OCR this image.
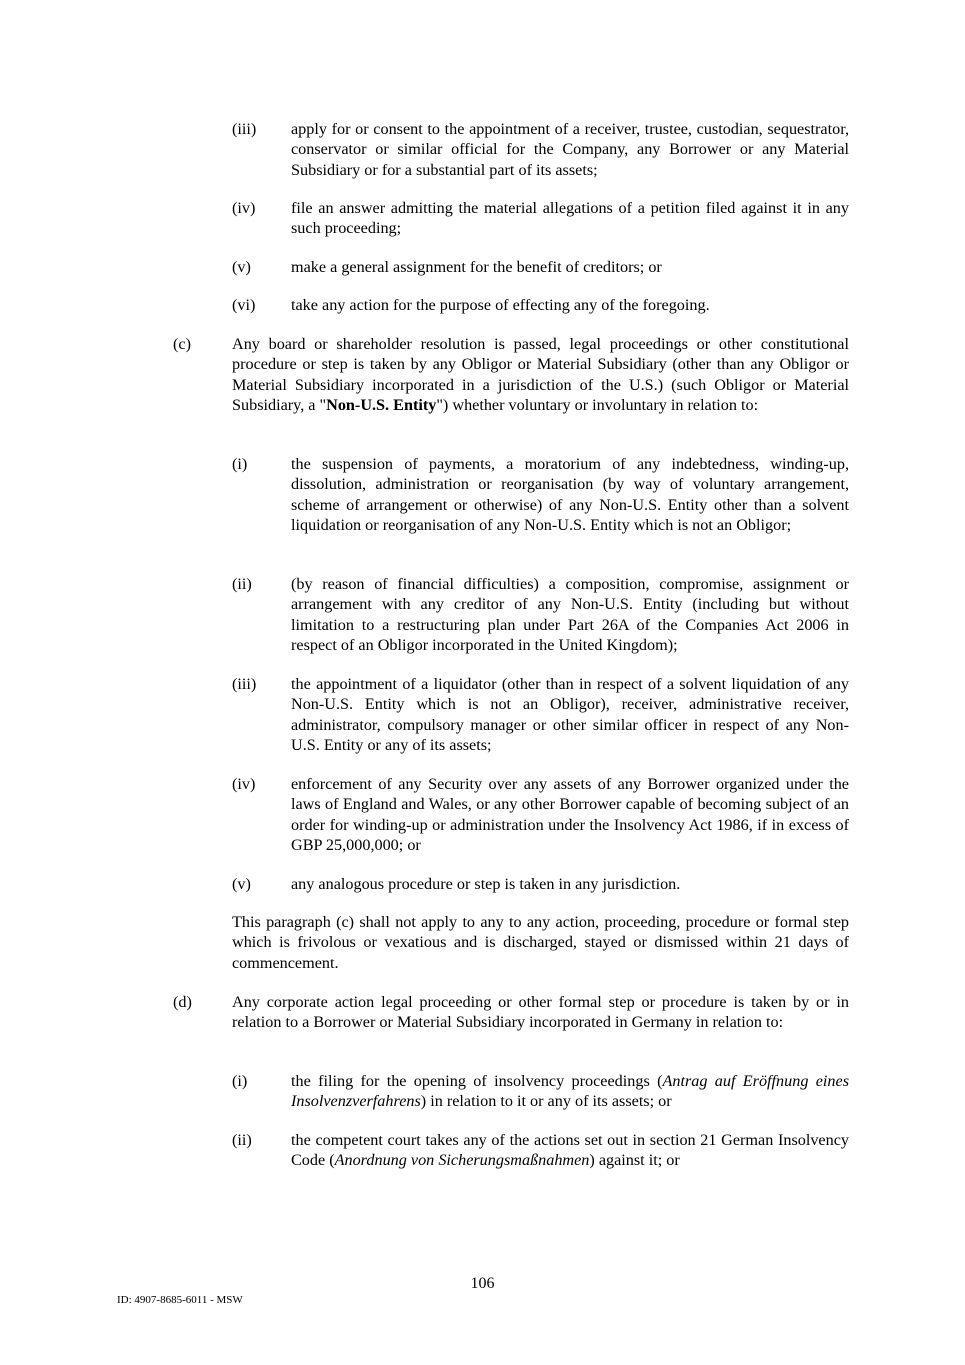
(iii) apply for or consent to the appointment of a receiver, trustee, custodian, sequestrator, conservator or similar official for the Company, any Borrower or any Material Subsidiary or for a substantial part of its assets;
(iv) file an answer admitting the material allegations of a petition filed against it in any such proceeding;
(v) make a general assignment for the benefit of creditors; or
(vi) take any action for the purpose of effecting any of the foregoing.
(c)	Any board or shareholder resolution is passed, legal proceedings or other constitutional procedure or step is taken by any Obligor or Material Subsidiary (other than any Obligor or Material Subsidiary incorporated in a jurisdiction of the U.S.) (such Obligor or Material Subsidiary, a "Non-U.S. Entity") whether voluntary or involuntary in relation to:
(i)	the suspension of payments, a moratorium of any indebtedness, winding-up, dissolution, administration or reorganisation (by way of voluntary arrangement, scheme of arrangement or otherwise) of any Non-U.S. Entity other than a solvent liquidation or reorganisation of any Non-U.S. Entity which is not an Obligor;
(ii) (by reason of financial difficulties) a composition, compromise, assignment or arrangement with any creditor of any Non-U.S. Entity (including but without limitation to a restructuring plan under Part 26A of the Companies Act 2006 in respect of an Obligor incorporated in the United Kingdom);
(iii) the appointment of a liquidator (other than in respect of a solvent liquidation of any Non-U.S. Entity which is not an Obligor), receiver, administrative receiver, administrator, compulsory manager or other similar officer in respect of any Non-U.S. Entity or any of its assets;
(iv) enforcement of any Security over any assets of any Borrower organized under the laws of England and Wales, or any other Borrower capable of becoming subject of an order for winding-up or administration under the Insolvency Act 1986, if in excess of GBP 25,000,000; or
(v) any analogous procedure or step is taken in any jurisdiction.
This paragraph (c) shall not apply to any to any action, proceeding, procedure or formal step which is frivolous or vexatious and is discharged, stayed or dismissed within 21 days of commencement.
(d) Any corporate action legal proceeding or other formal step or procedure is taken by or in relation to a Borrower or Material Subsidiary incorporated in Germany in relation to:
(i)	the filing for the opening of insolvency proceedings (Antrag auf Eröffnung eines Insolvenzverfahrens) in relation to it or any of its assets; or
(ii) the competent court takes any of the actions set out in section 21 German Insolvency Code (Anordnung von Sicherungsmaßnahmen) against it; or
106
ID: 4907-8685-6011 - MSW
